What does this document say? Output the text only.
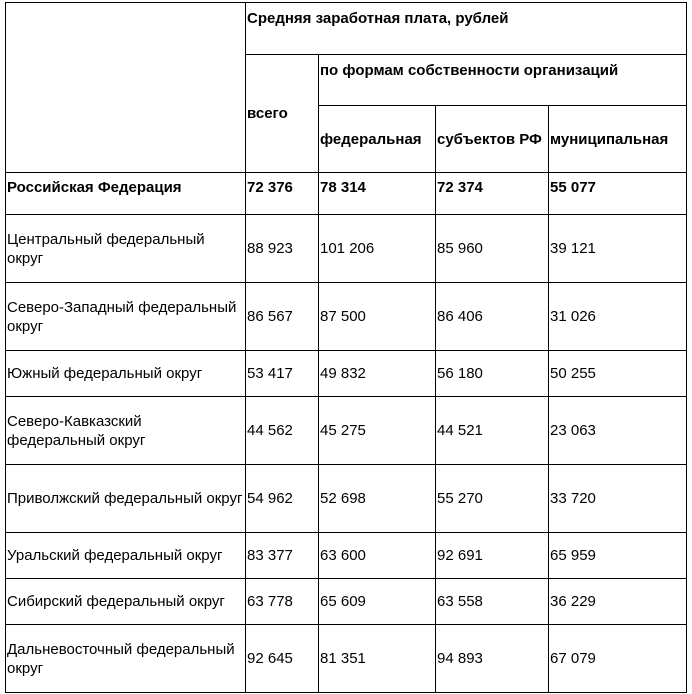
	Средняя заработная плата, рублей			
	всего	по формам собственности организаций		
		федеральная	субъектов РФ	муниципальная
Российская Федерация	72 376	78 314	72 374	55 077
Центральный федеральный округ	88 923	101 206	85 960	39 121
Северо-Западный федеральный округ	86 567	87 500	86 406	31 026
Южный федеральный округ	53 417	49 832	56 180	50 255
Северо-Кавказский федеральный округ	44 562	45 275	44 521	23 063
Приволжский федеральный округ	54 962	52 698	55 270	33 720
Уральский федеральный округ	83 377	63 600	92 691	65 959
Сибирский федеральный округ	63 778	65 609	63 558	36 229
Дальневосточный федеральный округ	92 645	81 351	94 893	67 079
